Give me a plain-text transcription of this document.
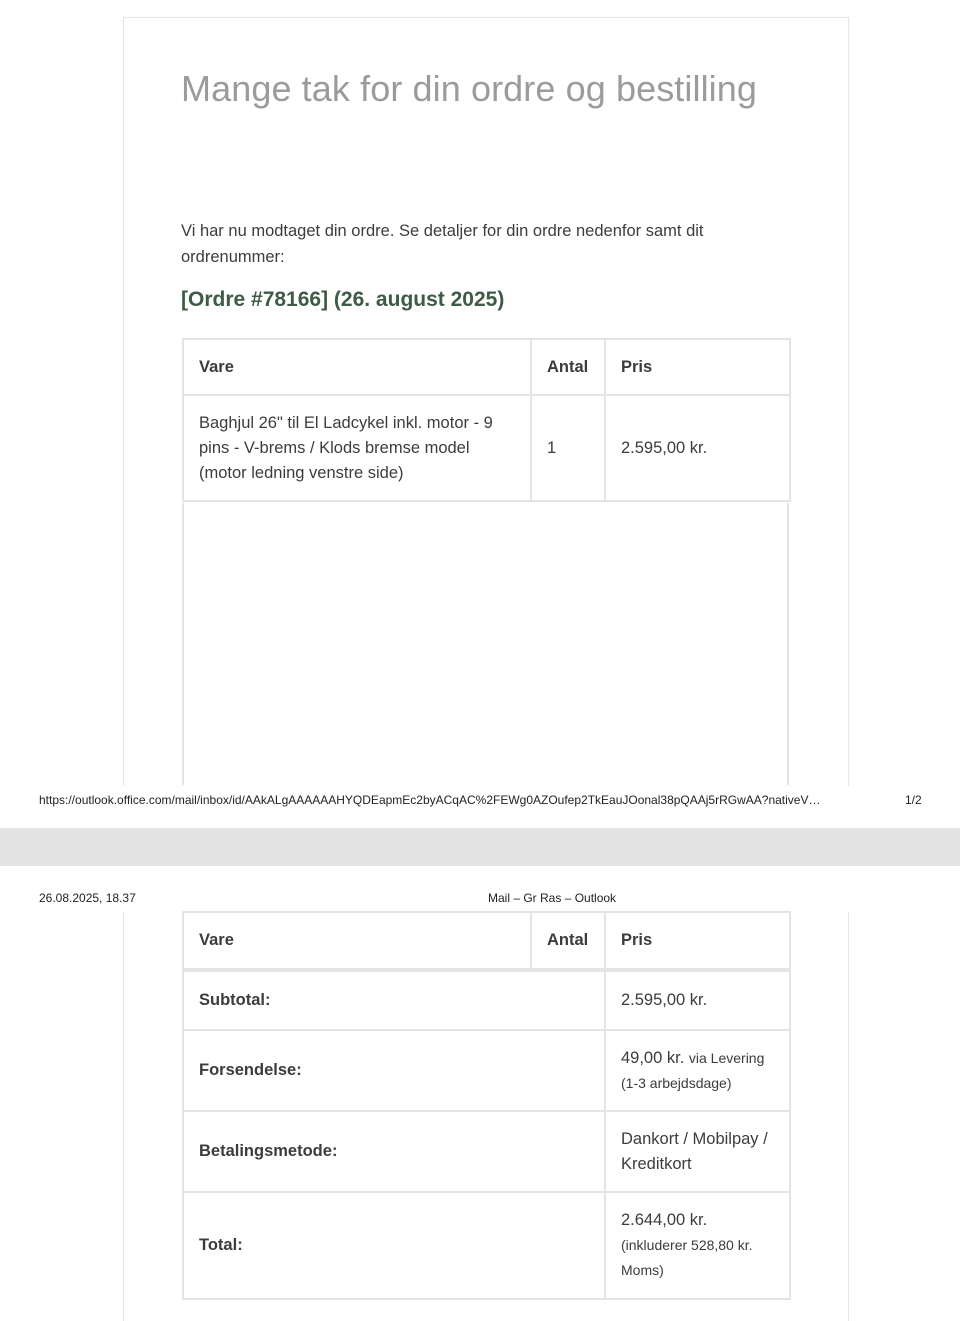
Mange tak for din ordre og bestilling

Vi har nu modtaget din ordre. Se detaljer for din ordre nedenfor samt dit ordrenummer:

[Ordre #78166] (26. august 2025)
Vare	Antal	Pris
Baghjul 26" til El Ladcykel inkl. motor - 9 pins - V-brems / Klods bremse model (motor ledning venstre side)	1	2.595,00 kr.
https://outlook.office.com/mail/inbox/id/AAkALgAAAAAAHYQDEapmEc2byACqAC%2FEWg0AZOufep2TkEauJOonal38pQAAj5rRGwAA?nativeV…	1/2
26.08.2025, 18.37	Mail – Gr Ras – Outlook
Vare	Antal	Pris
Subtotal:		2.595,00 kr.
Forsendelse:		49,00 kr. via Levering (1-3 arbejdsdage)
Betalingsmetode:		Dankort / Mobilpay / Kreditkort
Total:		2.644,00 kr.
(inkluderer 528,80 kr. Moms)
